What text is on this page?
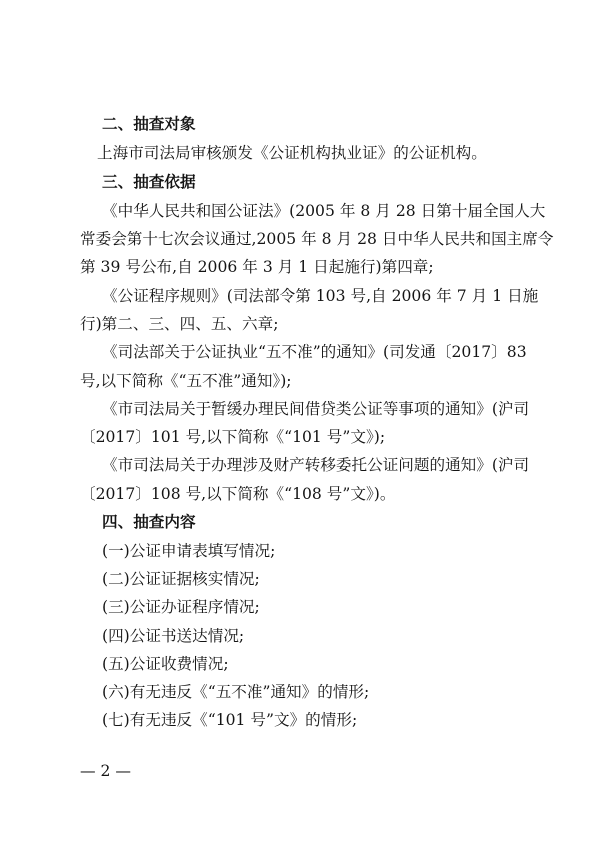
二、抽查对象
上海市司法局审核颁发《公证机构执业证》的公证机构。
三、抽查依据
《中华人民共和国公证法》(2005 年 8 月 28 日第十届全国人大
常委会第十七次会议通过,2005 年 8 月 28 日中华人民共和国主席令
第 39 号公布,自 2006 年 3 月 1 日起施行)第四章;
《公证程序规则》(司法部令第 103 号,自 2006 年 7 月 1 日施
行)第二、三、四、五、六章;
《司法部关于公证执业“五不准”的通知》(司发通〔2017〕83
号,以下简称《“五不准”通知》);
《市司法局关于暂缓办理民间借贷类公证等事项的通知》(沪司
〔2017〕101 号,以下简称《“101 号”文》);
《市司法局关于办理涉及财产转移委托公证问题的通知》(沪司
〔2017〕108 号,以下简称《“108 号”文》)。
四、抽查内容
(一)公证申请表填写情况;
(二)公证证据核实情况;
(三)公证办证程序情况;
(四)公证书送达情况;
(五)公证收费情况;
(六)有无违反《“五不准”通知》的情形;
(七)有无违反《“101 号”文》的情形;
— 2 —
